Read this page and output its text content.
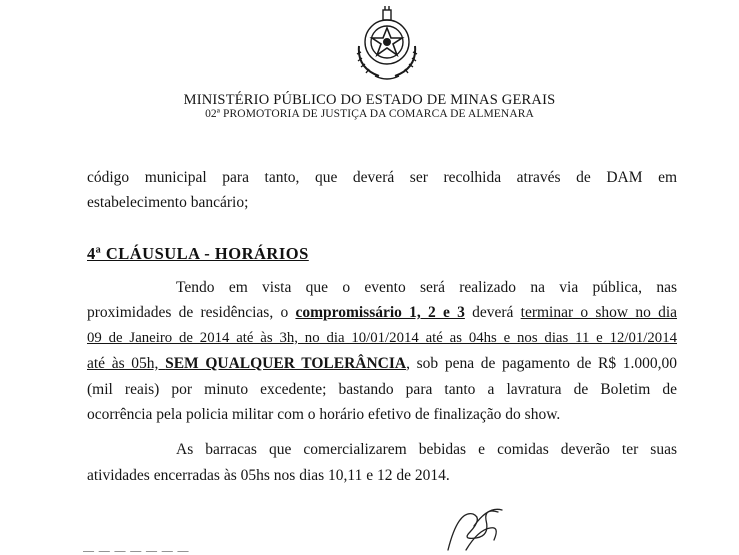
MINISTÉRIO PÚBLICO DO ESTADO DE MINAS GERAIS
02ª PROMOTORIA DE JUSTIÇA DA COMARCA DE ALMENARA
código municipal para tanto, que deverá ser recolhida através de DAM em
estabelecimento bancário;
4ª CLÁUSULA - HORÁRIOS
Tendo em vista que o evento será realizado na via pública, nas
proximidades de residências, o compromissário 1, 2 e 3 deverá terminar o show no dia
09 de Janeiro de 2014 até às 3h, no dia 10/01/2014 até as 04hs e nos dias 11 e 12/01/2014
até às 05h, SEM QUALQUER TOLERÂNCIA, sob pena de pagamento de R$ 1.000,00
(mil reais) por minuto excedente; bastando para tanto a lavratura de Boletim de
ocorrência pela policia militar com o horário efetivo de finalização do show.
As barracas que comercializarem bebidas e comidas deverão ter suas
atividades encerradas às 05hs nos dias 10,11 e 12 de 2014.
— — — — — — —
